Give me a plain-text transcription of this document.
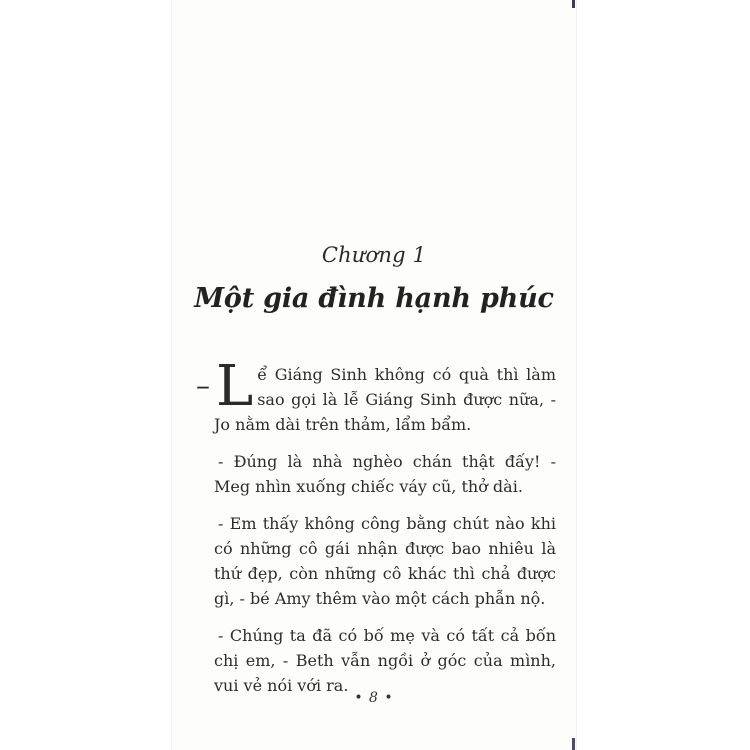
Chương 1
Một gia đình hạnh phúc

– L ể Giáng Sinh không có quà thì làm sao gọi là lễ Giáng Sinh được nữa, - Jo nằm dài trên thảm, lẩm bẩm.

- Đúng là nhà nghèo chán thật đấy! - Meg nhìn xuống chiếc váy cũ, thở dài.

- Em thấy không công bằng chút nào khi có những cô gái nhận được bao nhiêu là thứ đẹp, còn những cô khác thì chả được gì, - bé Amy thêm vào một cách phẫn nộ.

- Chúng ta đã có bố mẹ và có tất cả bốn chị em, - Beth vẫn ngồi ở góc của mình, vui vẻ nói với ra.

• 8 •
